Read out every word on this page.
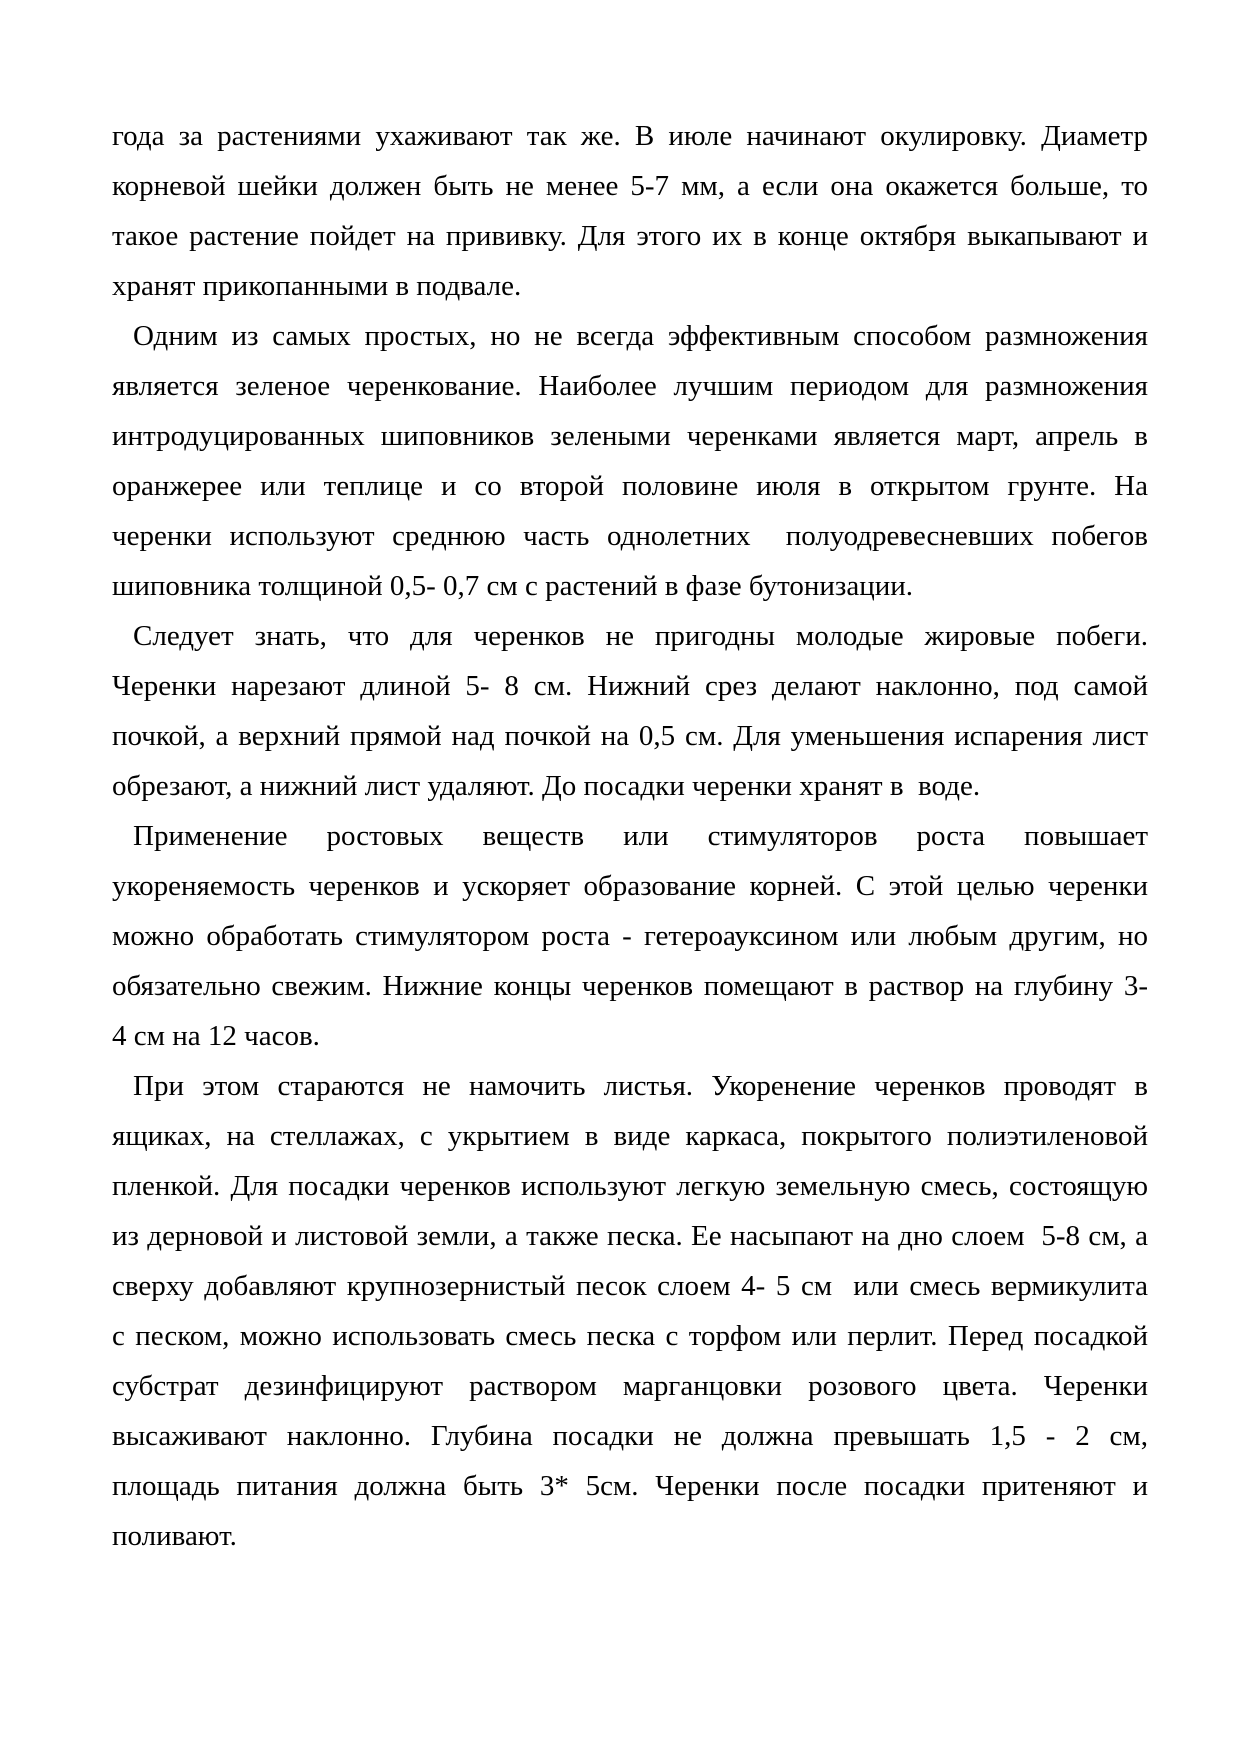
года за растениями ухаживают так же. В июле начинают окулировку. Диаметр
корневой шейки должен быть не менее 5-7 мм, а если она окажется больше, то
такое растение пойдет на прививку. Для этого их в конце октября выкапывают и
хранят прикопанными в подвале.
Одним из самых простых, но не всегда эффективным способом размножения
является зеленое черенкование. Наиболее лучшим периодом для размножения
интродуцированных шиповников зелеными черенками является март, апрель в
оранжерее или теплице и со второй половине июля в открытом грунте. На
черенки используют среднюю часть однолетних  полуодревесневших побегов
шиповника толщиной 0,5- 0,7 см с растений в фазе бутонизации.
Следует знать, что для черенков не пригодны молодые жировые побеги.
Черенки нарезают длиной 5- 8 см. Нижний срез делают наклонно, под самой
почкой, а верхний прямой над почкой на 0,5 см. Для уменьшения испарения лист
обрезают, а нижний лист удаляют. До посадки черенки хранят в  воде.
Применение ростовых веществ или стимуляторов роста повышает
укореняемость черенков и ускоряет образование корней. С этой целью черенки
можно обработать стимулятором роста - гетероауксином или любым другим, но
обязательно свежим. Нижние концы черенков помещают в раствор на глубину 3-
4 см на 12 часов.
При этом стараются не намочить листья. Укоренение черенков проводят в
ящиках, на стеллажах, с укрытием в виде каркаса, покрытого полиэтиленовой
пленкой. Для посадки черенков используют легкую земельную смесь, состоящую
из дерновой и листовой земли, а также песка. Ее насыпают на дно слоем  5-8 см, а
сверху добавляют крупнозернистый песок слоем 4- 5 см  или смесь вермикулита
с песком, можно использовать смесь песка с торфом или перлит. Перед посадкой
субстрат дезинфицируют раствором марганцовки розового цвета. Черенки
высаживают наклонно. Глубина посадки не должна превышать 1,5 - 2 см,
площадь питания должна быть 3* 5см. Черенки после посадки притеняют и
поливают.
